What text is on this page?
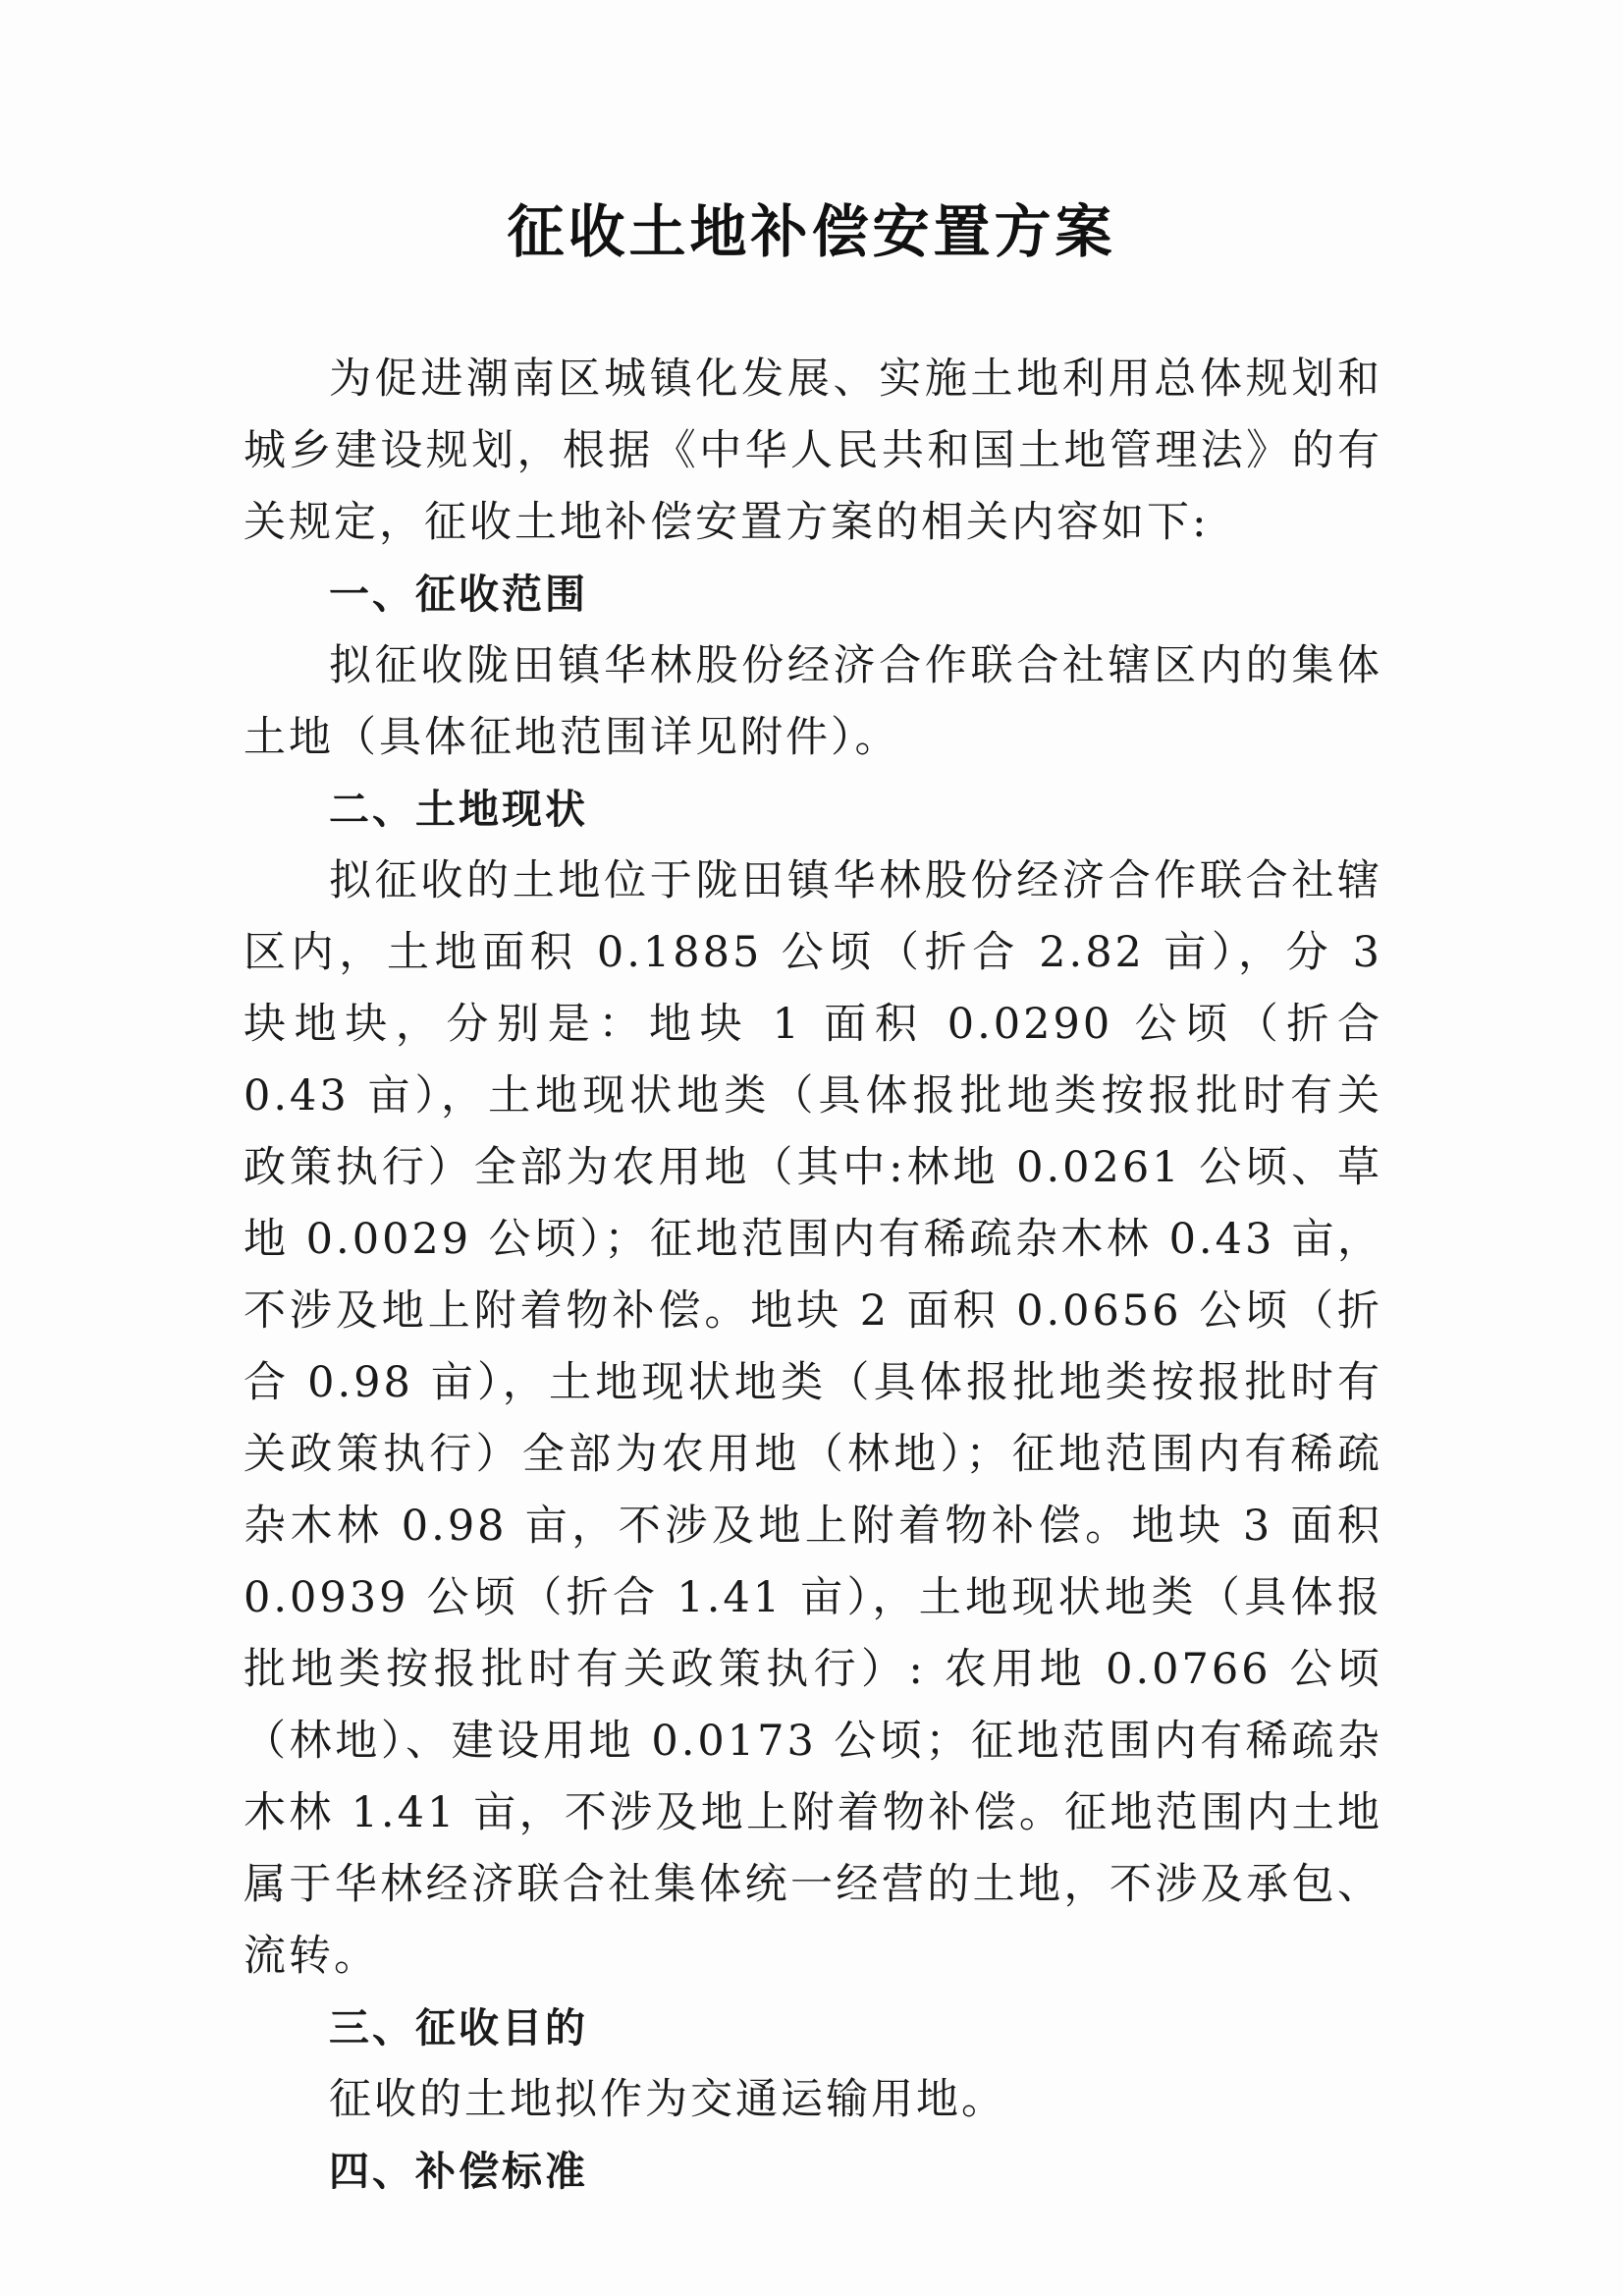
征收土地补偿安置方案

为促进潮南区城镇化发展、实施土地利用总体规划和城乡建设规划，根据《中华人民共和国土地管理法》的有关规定，征收土地补偿安置方案的相关内容如下:

一、征收范围

拟征收陇田镇华林股份经济合作联合社辖区内的集体土地（具体征地范围详见附件）。

二、土地现状

拟征收的土地位于陇田镇华林股份经济合作联合社辖区内，土地面积 0.1885 公顷（折合 2.82 亩），分 3 块地块，分别是：地块 1 面积 0.0290 公顷（折合 0.43 亩），土地现状地类（具体报批地类按报批时有关政策执行）全部为农用地（其中:林地 0.0261 公顷、草地 0.0029 公顷）；征地范围内有稀疏杂木林 0.43 亩，不涉及地上附着物补偿。地块 2 面积 0.0656 公顷（折合 0.98 亩），土地现状地类（具体报批地类按报批时有关政策执行）全部为农用地（林地）；征地范围内有稀疏杂木林 0.98 亩，不涉及地上附着物补偿。地块 3 面积 0.0939 公顷（折合 1.41 亩），土地现状地类（具体报批地类按报批时有关政策执行）: 农用地 0.0766 公顷（林地）、建设用地 0.0173 公顷；征地范围内有稀疏杂木林 1.41 亩，不涉及地上附着物补偿。征地范围内土地属于华林经济联合社集体统一经营的土地，不涉及承包、流转。

三、征收目的

征收的土地拟作为交通运输用地。

四、补偿标准
